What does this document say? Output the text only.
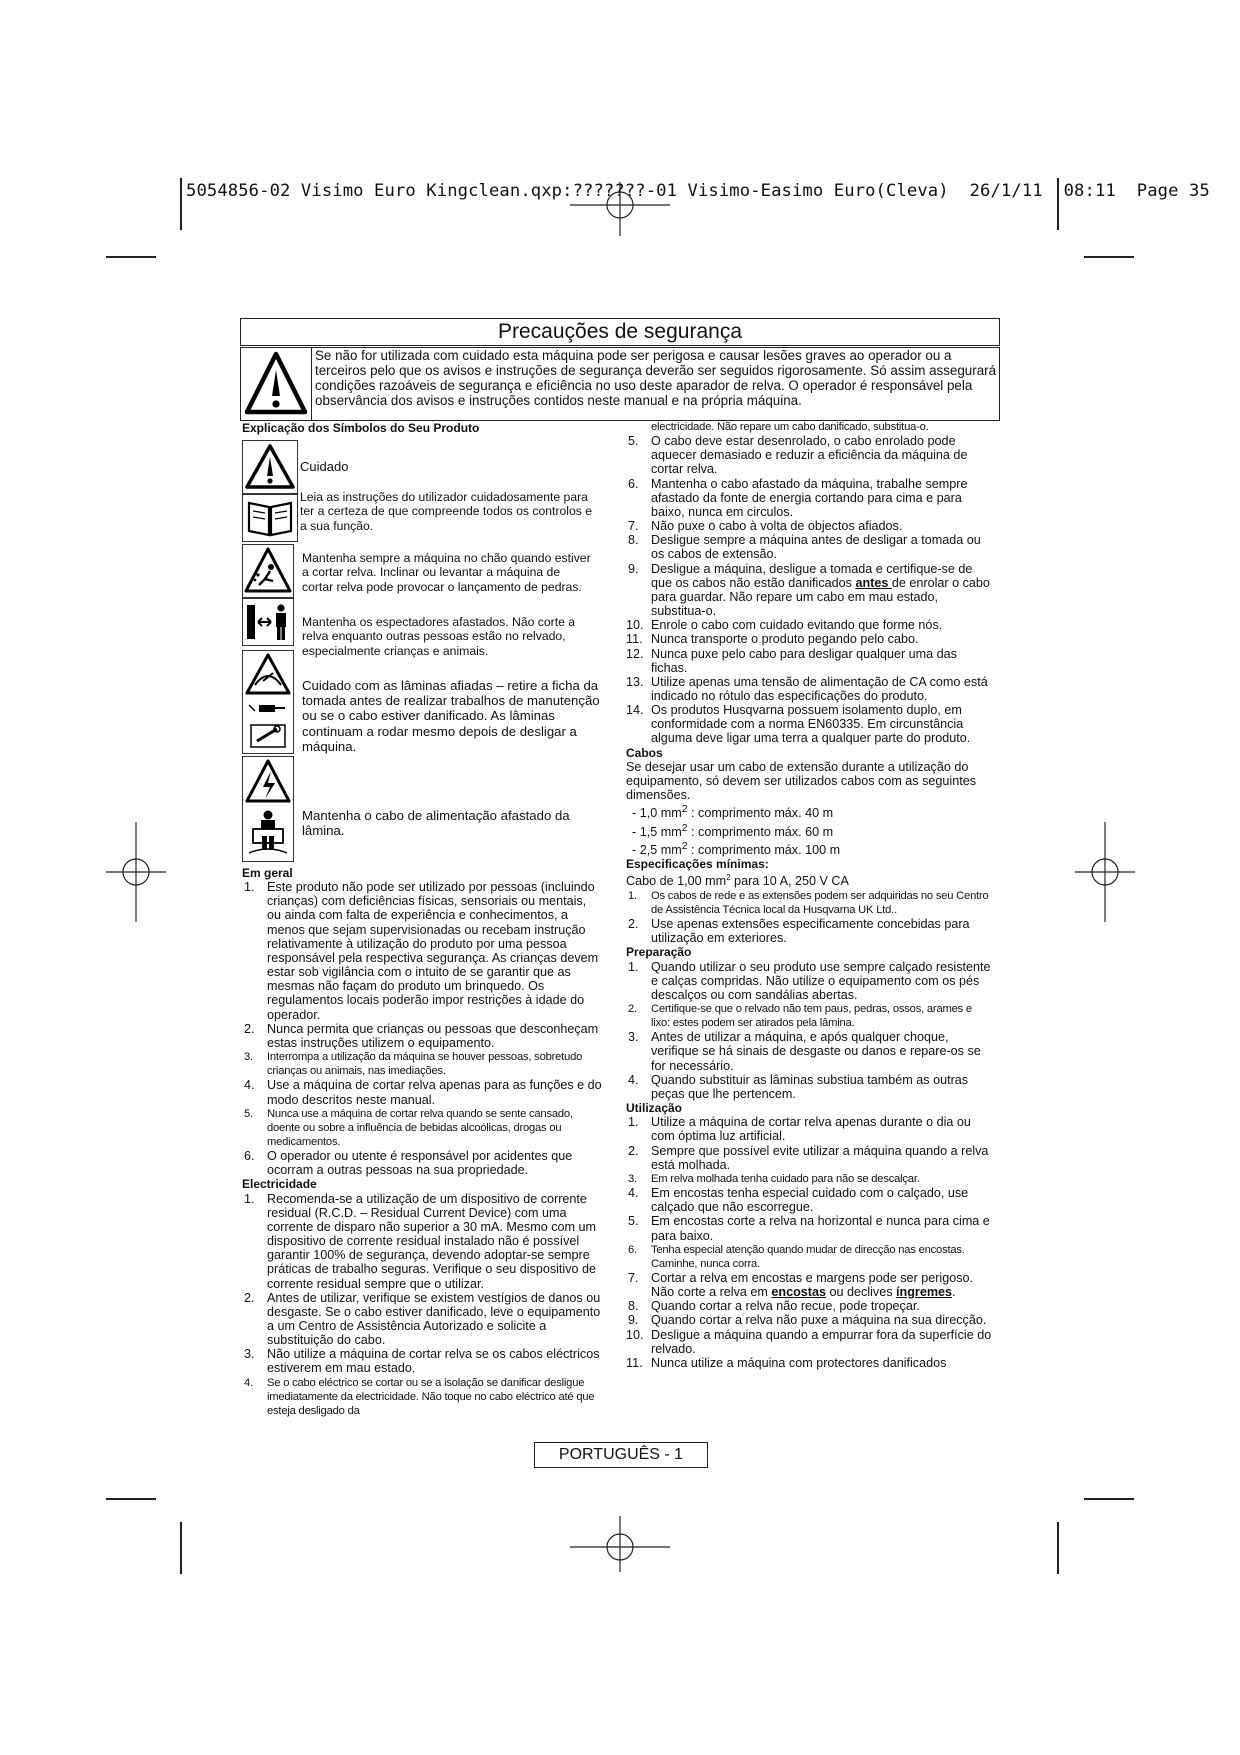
5054856-02 Visimo Euro Kingclean.qxp:???????-01 Visimo-Easimo Euro(Cleva)  26/1/11  08:11  Page 35
Precauções de segurança
Se não for utilizada com cuidado esta máquina pode ser perigosa e causar lesões graves ao operador ou a terceiros pelo que os avisos e instruções de segurança deverão ser seguidos rigorosamente. Só assim assegurará condições razoáveis de segurança e eficiência no uso deste aparador de relva. O operador é responsável pela observância dos avisos e instruções contidos neste manual e na própria máquina.
Explicação dos Símbolos do Seu Produto
Cuidado
Leia as instruções do utilizador cuidadosamente para ter a certeza de que compreende todos os controlos e a sua função.
Mantenha sempre a máquina no chão quando estiver a cortar relva. Inclinar ou levantar a máquina de cortar relva pode provocar o lançamento de pedras.
Mantenha os espectadores afastados. Não corte a relva enquanto outras pessoas estão no relvado, especialmente crianças e animais.
Cuidado com as lâminas afiadas – retire a ficha da tomada antes de realizar trabalhos de manutenção ou se o cabo estiver danificado. As lâminas continuam a rodar mesmo depois de desligar a máquina.
Mantenha o cabo de alimentação afastado da lâmina.
Em geral
1. Este produto não pode ser utilizado por pessoas (incluindo crianças) com deficiências físicas, sensoriais ou mentais, ou ainda com falta de experiência e conhecimentos, a menos que sejam supervisionadas ou recebam instrução relativamente à utilização do produto por uma pessoa responsável pela respectiva segurança. As crianças devem estar sob vigilância com o intuito de se garantir que as mesmas não façam do produto um brinquedo. Os regulamentos locais poderão impor restrições à idade do operador.
2. Nunca permita que crianças ou pessoas que desconheçam estas instruções utilizem o equipamento.
3. Interrompa a utilização da máquina se houver pessoas, sobretudo crianças ou animais, nas imediações.
4. Use a máquina de cortar relva apenas para as funções e do modo descritos neste manual.
5. Nunca use a máquina de cortar relva quando se sente cansado, doente ou sobre a influência de bebidas alcoólicas, drogas ou medicamentos.
6. O operador ou utente é responsável por acidentes que ocorram a outras pessoas na sua propriedade.
Electricidade
1. Recomenda-se a utilização de um dispositivo de corrente residual (R.C.D. – Residual Current Device) com uma corrente de disparo não superior a 30 mA. Mesmo com um dispositivo de corrente residual instalado não é possível garantir 100% de segurança, devendo adoptar-se sempre práticas de trabalho seguras. Verifique o seu dispositivo de corrente residual sempre que o utilizar.
2. Antes de utilizar, verifique se existem vestígios de danos ou desgaste. Se o cabo estiver danificado, leve o equipamento a um Centro de Assistência Autorizado e solicite a substituição do cabo.
3. Não utilize a máquina de cortar relva se os cabos eléctricos estiverem em mau estado.
4. Se o cabo eléctrico se cortar ou se a isolação se danificar desligue imediatamente da electricidade. Não toque no cabo eléctrico até que esteja desligado da
electricidade. Não repare um cabo danificado, substitua-o.
5. O cabo deve estar desenrolado, o cabo enrolado pode aquecer demasiado e reduzir a eficiência da máquina de cortar relva.
6. Mantenha o cabo afastado da máquina, trabalhe sempre afastado da fonte de energia cortando para cima e para baixo, nunca em circulos.
7. Não puxe o cabo à volta de objectos afiados.
8. Desligue sempre a máquina antes de desligar a tomada ou os cabos de extensão.
9. Desligue a máquina, desligue a tomada e certifique-se de que os cabos não estão danificados antes de enrolar o cabo para guardar. Não repare um cabo em mau estado, substitua-o.
10. Enrole o cabo com cuidado evitando que forme nós.
11. Nunca transporte o produto pegando pelo cabo.
12. Nunca puxe pelo cabo para desligar qualquer uma das fichas.
13. Utilize apenas uma tensão de alimentação de CA como está indicado no rótulo das especificações do produto.
14. Os produtos Husqvarna possuem isolamento duplo, em conformidade com a norma EN60335. Em circunstância alguma deve ligar uma terra a qualquer parte do produto.
Cabos
Se desejar usar um cabo de extensão durante a utilização do equipamento, só devem ser utilizados cabos com as seguintes dimensões.
- 1,0 $mm^2$ : comprimento máx. 40 m
- 1,5 $mm^2$ : comprimento máx. 60 m
- 2,5 $mm^2$ : comprimento máx. 100 m
Especificações mínimas:
Cabo de 1,00 $mm^2$ para 10 A, 250 V CA
1. Os cabos de rede e as extensões podem ser adquiridas no seu Centro de Assistência Técnica local da Husqvarna UK Ltd..
2. Use apenas extensões especificamente concebidas para utilização em exteriores.
Preparação
1. Quando utilizar o seu produto use sempre calçado resistente e calças compridas. Não utilize o equipamento com os pés descalços ou com sandálias abertas.
2. Certifique-se que o relvado não tem paus, pedras, ossos, arames e lixo: estes podem ser atirados pela lâmina.
3. Antes de utilizar a máquina, e após qualquer choque, verifique se há sinais de desgaste ou danos e repare-os se for necessário.
4. Quando substituir as lâminas substiua também as outras peças que lhe pertencem.
Utilização
1. Utilize a máquina de cortar relva apenas durante o dia ou com óptima luz artificial.
2. Sempre que possível evite utilizar a máquina quando a relva está molhada.
3. Em relva molhada tenha cuidado para não se descalçar.
4. Em encostas tenha especial cuidado com o calçado, use calçado que não escorregue.
5. Em encostas corte a relva na horizontal e nunca para cima e para baixo.
6. Tenha especial atenção quando mudar de direcção nas encostas. Caminhe, nunca corra.
7. Cortar a relva em encostas e margens pode ser perigoso. Não corte a relva em encostas ou declives íngremes.
8. Quando cortar a relva não recue, pode tropeçar.
9. Quando cortar a relva não puxe a máquina na sua direcção.
10. Desligue a máquina quando a empurrar fora da superfície do relvado.
11. Nunca utilize a máquina com protectores danificados
PORTUGUÊS - 1
